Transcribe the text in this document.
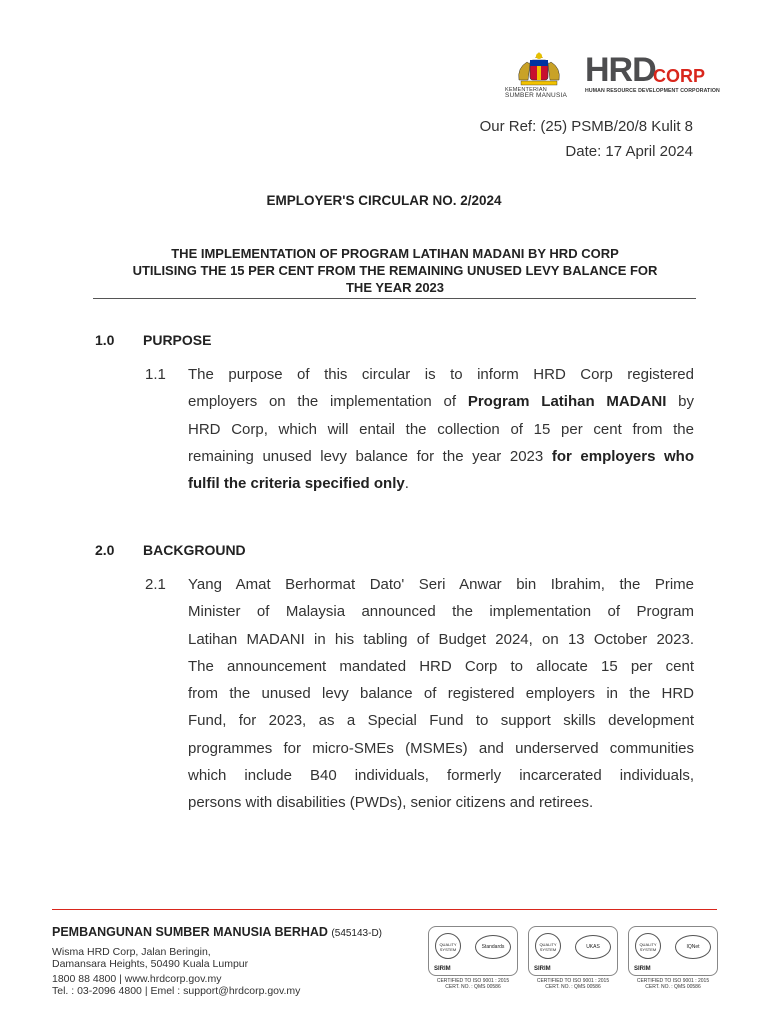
KEMENTERIAN
SUMBER MANUSIA
HRD
CORP
HUMAN RESOURCE DEVELOPMENT CORPORATION
Our Ref: (25) PSMB/20/8 Kulit 8
Date: 17 April 2024
EMPLOYER'S CIRCULAR NO. 2/2024
THE IMPLEMENTATION OF PROGRAM LATIHAN MADANI BY HRD CORP
UTILISING THE 15 PER CENT FROM THE REMAINING UNUSED LEVY BALANCE FOR
THE YEAR 2023
1.0 PURPOSE
1.1 The purpose of this circular is to inform HRD Corp registered
employers on the implementation of Program Latihan MADANI by
HRD Corp, which will entail the collection of 15 per cent from the
remaining unused levy balance for the year 2023 for employers who
fulfil the criteria specified only.
2.0 BACKGROUND
2.1 Yang Amat Berhormat Dato' Seri Anwar bin Ibrahim, the Prime
Minister of Malaysia announced the implementation of Program
Latihan MADANI in his tabling of Budget 2024, on 13 October 2023.
The announcement mandated HRD Corp to allocate 15 per cent
from the unused levy balance of registered employers in the HRD
Fund, for 2023, as a Special Fund to support skills development
programmes for micro-SMEs (MSMEs) and underserved communities
which include B40 individuals, formerly incarcerated individuals,
persons with disabilities (PWDs), senior citizens and retirees.
PEMBANGUNAN SUMBER MANUSIA BERHAD (545143-D)
Wisma HRD Corp, Jalan Beringin,
Damansara Heights, 50490 Kuala Lumpur
1800 88 4800 | www.hrdcorp.gov.my
Tel. : 03-2096 4800 | Emel : support@hrdcorp.gov.my
QUALITY SYSTEM	Standards
SIRIM
CERTIFIED TO ISO 9001 : 2015
CERT. NO. : QMS 00586
QUALITY SYSTEM	UKAS
SIRIM
CERTIFIED TO ISO 9001 : 2015
CERT. NO. : QMS 00586
QUALITY SYSTEM	IQNet
SIRIM
CERTIFIED TO ISO 9001 : 2015
CERT. NO. : QMS 00586
